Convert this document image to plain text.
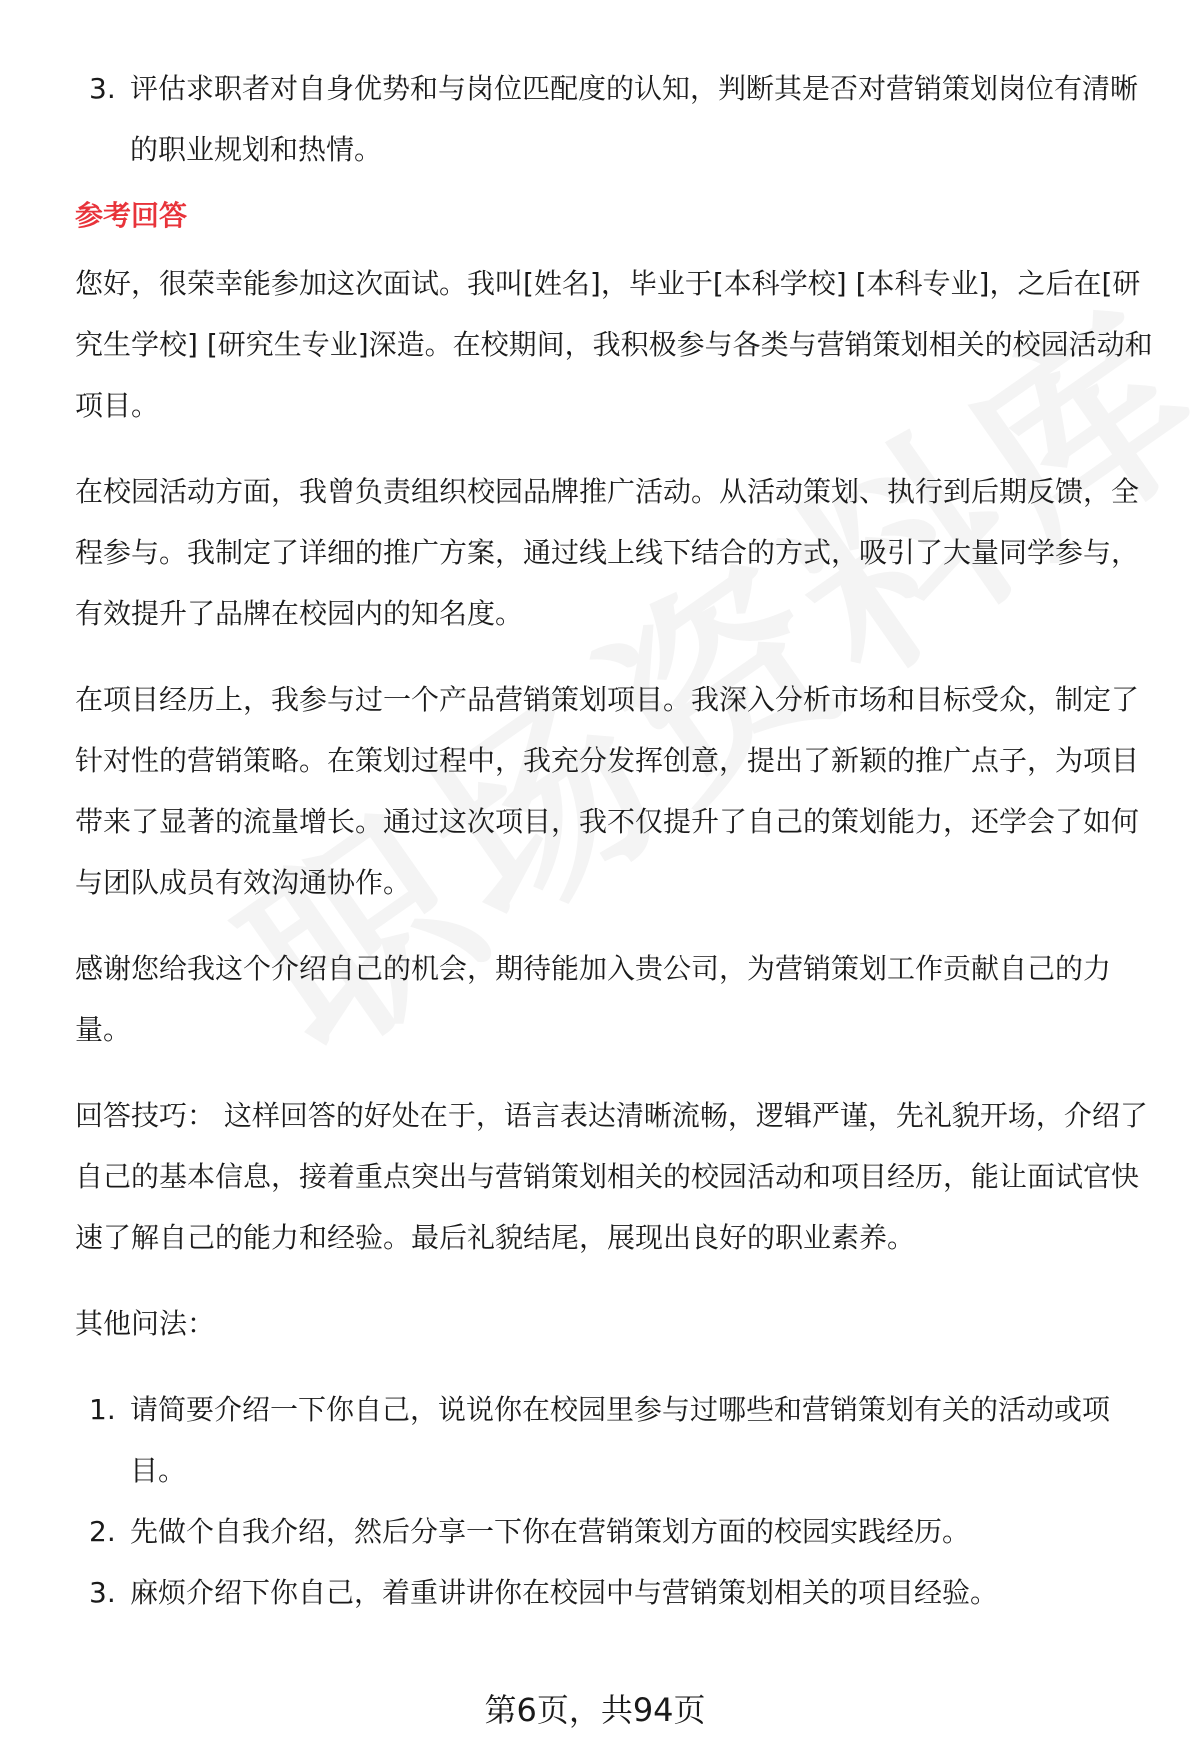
3. 评估求职者对自身优势和与岗位匹配度的认知，判断其是否对营销策划岗位有清晰的职业规划和热情。
参考回答

您好，很荣幸能参加这次面试。我叫[姓名]，毕业于[本科学校] [本科专业]，之后在[研究生学校] [研究生专业]深造。在校期间，我积极参与各类与营销策划相关的校园活动和项目。

在校园活动方面，我曾负责组织校园品牌推广活动。从活动策划、执行到后期反馈，全程参与。我制定了详细的推广方案，通过线上线下结合的方式，吸引了大量同学参与，有效提升了品牌在校园内的知名度。

在项目经历上，我参与过一个产品营销策划项目。我深入分析市场和目标受众，制定了针对性的营销策略。在策划过程中，我充分发挥创意，提出了新颖的推广点子，为项目带来了显著的流量增长。通过这次项目，我不仅提升了自己的策划能力，还学会了如何与团队成员有效沟通协作。

感谢您给我这个介绍自己的机会，期待能加入贵公司，为营销策划工作贡献自己的力量。

回答技巧： 这样回答的好处在于，语言表达清晰流畅，逻辑严谨，先礼貌开场，介绍了自己的基本信息，接着重点突出与营销策划相关的校园活动和项目经历，能让面试官快速了解自己的能力和经验。最后礼貌结尾，展现出良好的职业素养。

其他问法：

1. 请简要介绍一下你自己，说说你在校园里参与过哪些和营销策划有关的活动或项目。
2. 先做个自我介绍，然后分享一下你在营销策划方面的校园实践经历。
3. 麻烦介绍下你自己，着重讲讲你在校园中与营销策划相关的项目经验。
第6页，共94页
